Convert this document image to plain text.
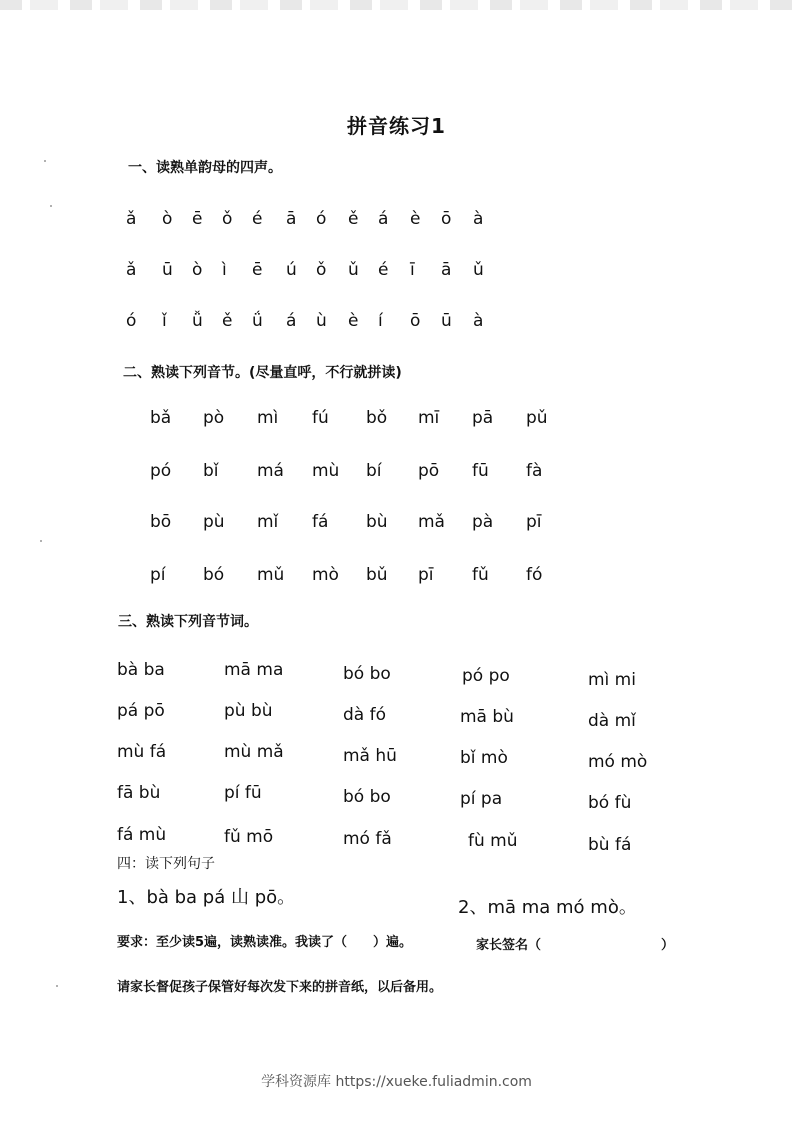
拼音练习1
一、读熟单韵母的四声。
ǎ ò ē ǒ é ā ó ě á è ō à
ǎ ū ò ì ē ú ǒ ǔ é ī ā ǔ
ó ǐ ǚ ě ǘ á ù è í ō ū à
二、熟读下列音节。(尽量直呼，不行就拼读)
bǎ pò mì fú bǒ mī pā pǔ
pó bǐ má mù bí pō fū fà
bō pù mǐ fá bù mǎ pà pī
pí bó mǔ mò bǔ pī fǔ fó
三、熟读下列音节词。
bà ba	mā ma	bó bo	pó po	mì mi
pá pō	pù bù	dà fó	mā bù	dà mǐ
mù fá	mù mǎ	mǎ hū	bǐ mò	mó mò
fā bù	pí fū	bó bo	pí pa	bó fù
fá mù	fǔ mō	mó fǎ	fù mǔ	bù fá
四：读下列句子
1、bà ba pá 山 pō。	2、mā ma mó mò。
要求：至少读5遍，读熟读准。我读了（　　）遍。	家长签名（	）
请家长督促孩子保管好每次发下来的拼音纸，以后备用。
学科资源库 https://xueke.fuliadmin.com
